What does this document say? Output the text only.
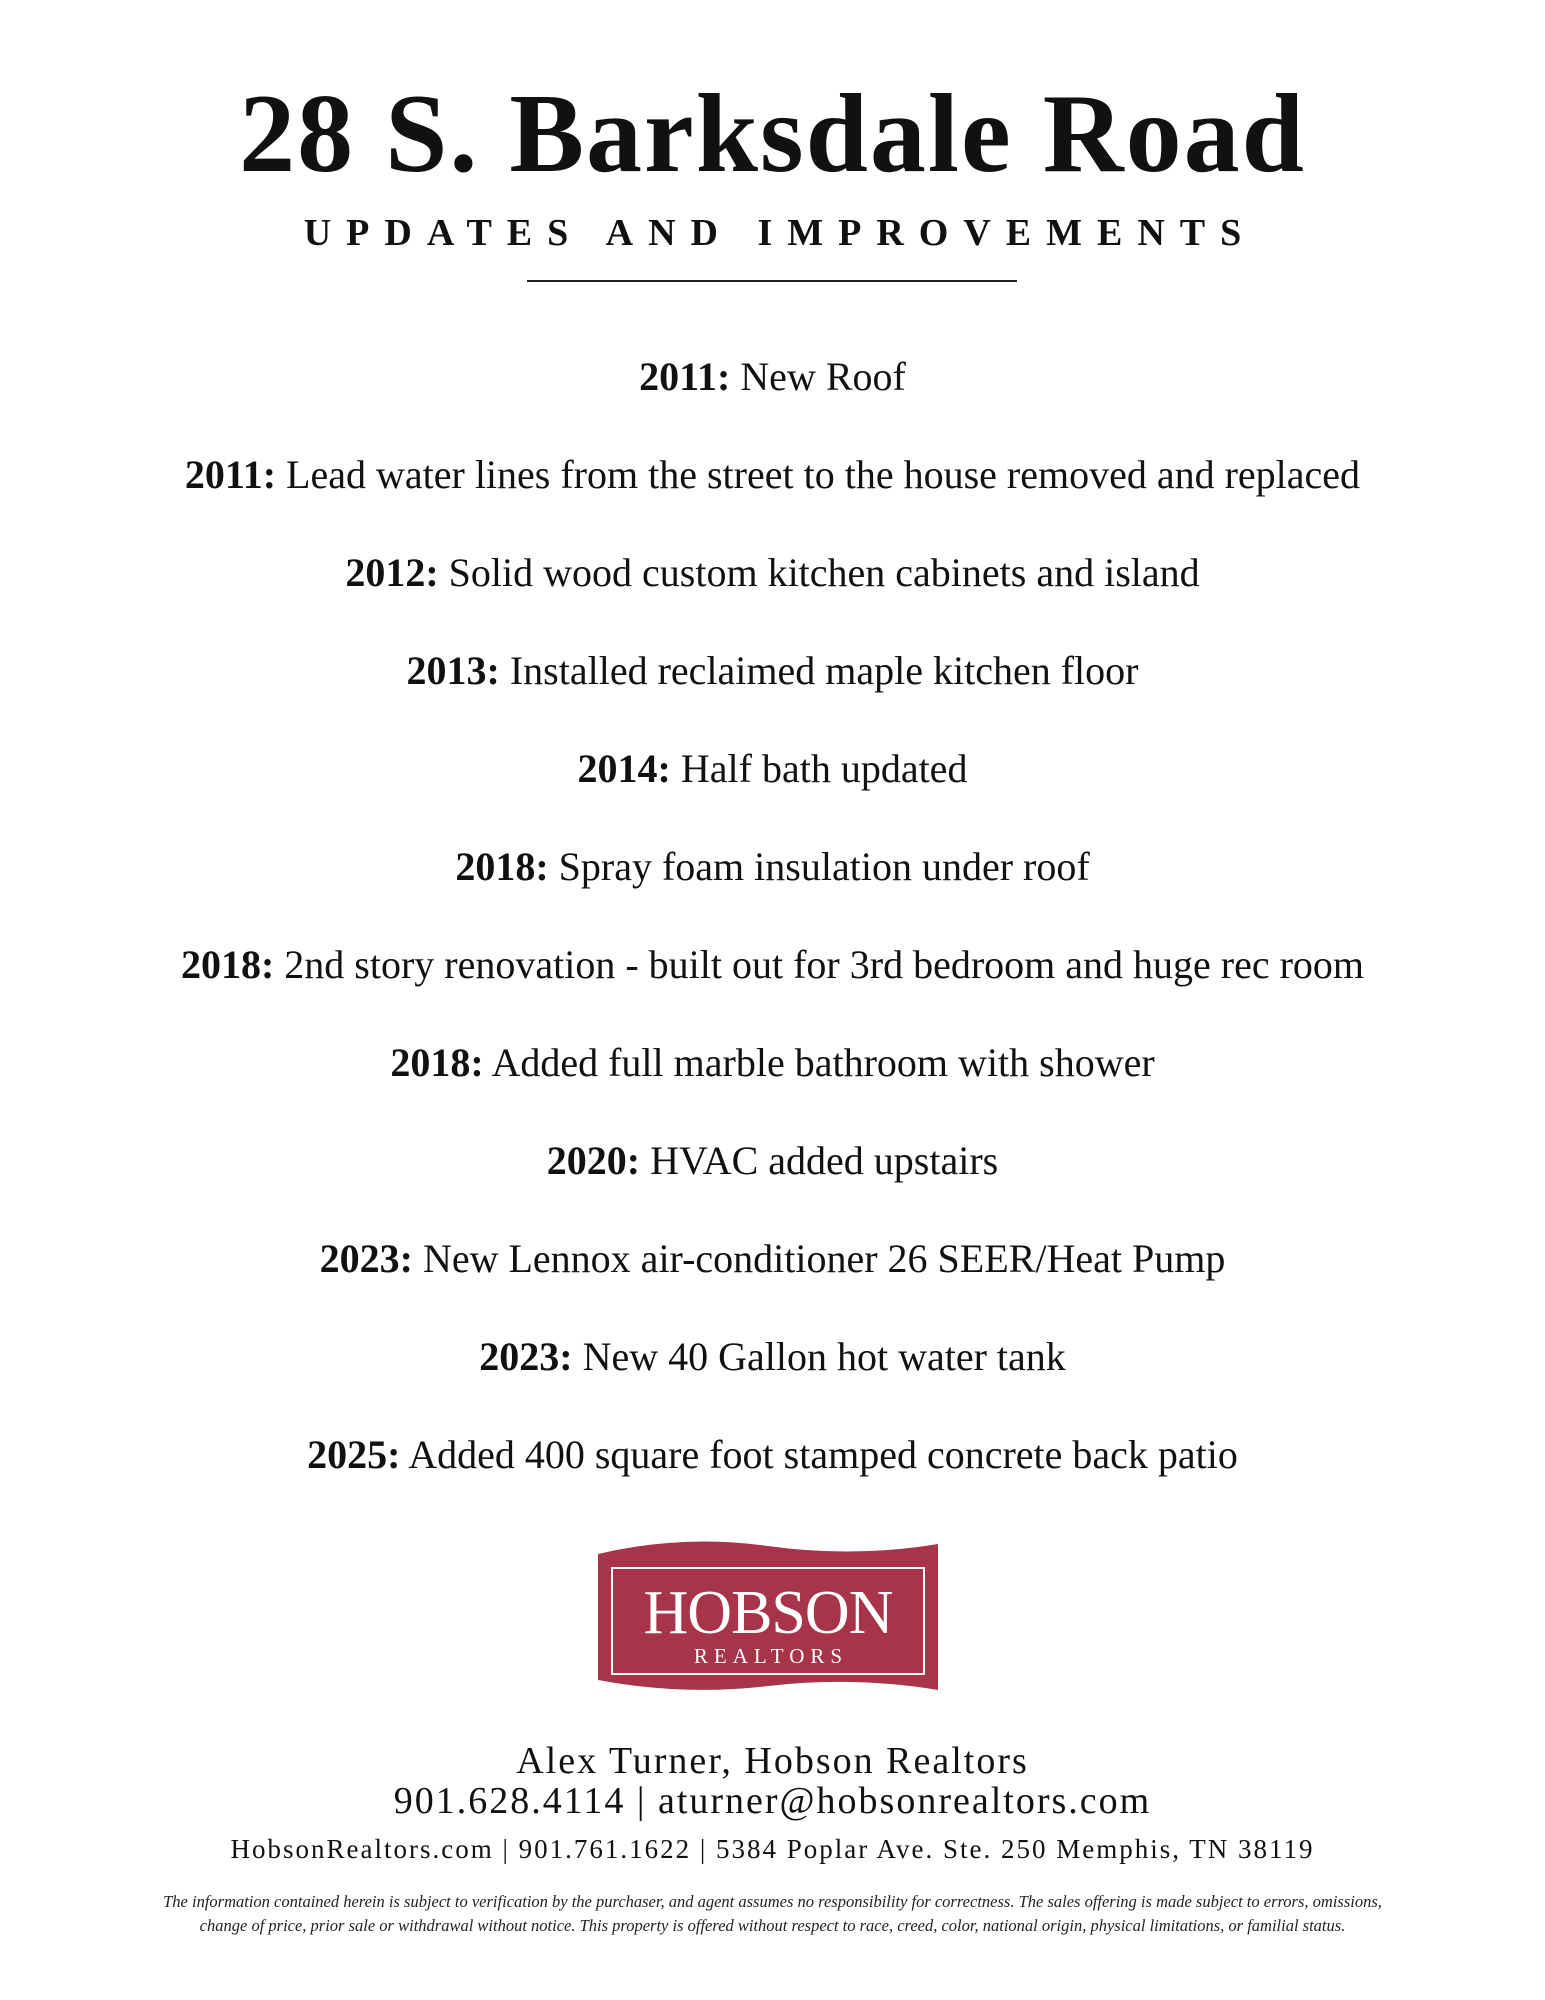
28 S. Barksdale Road
UPDATES AND IMPROVEMENTS
2011: New Roof
2011: Lead water lines from the street to the house removed and replaced
2012: Solid wood custom kitchen cabinets and island
2013: Installed reclaimed maple kitchen floor
2014: Half bath updated
2018: Spray foam insulation under roof
2018: 2nd story renovation - built out for 3rd bedroom and huge rec room
2018: Added full marble bathroom with shower
2020: HVAC added upstairs
2023: New Lennox air-conditioner 26 SEER/Heat Pump
2023: New 40 Gallon hot water tank
2025: Added 400 square foot stamped concrete back patio
HOBSON
REALTORS

Alex Turner, Hobson Realtors

901.628.4114 | aturner@hobsonrealtors.com

HobsonRealtors.com | 901.761.1622 | 5384 Poplar Ave. Ste. 250 Memphis, TN 38119

The information contained herein is subject to verification by the purchaser, and agent assumes no responsibility for correctness. The sales offering is made subject to errors, omissions,
change of price, prior sale or withdrawal without notice. This property is offered without respect to race, creed, color, national origin, physical limitations, or familial status.
